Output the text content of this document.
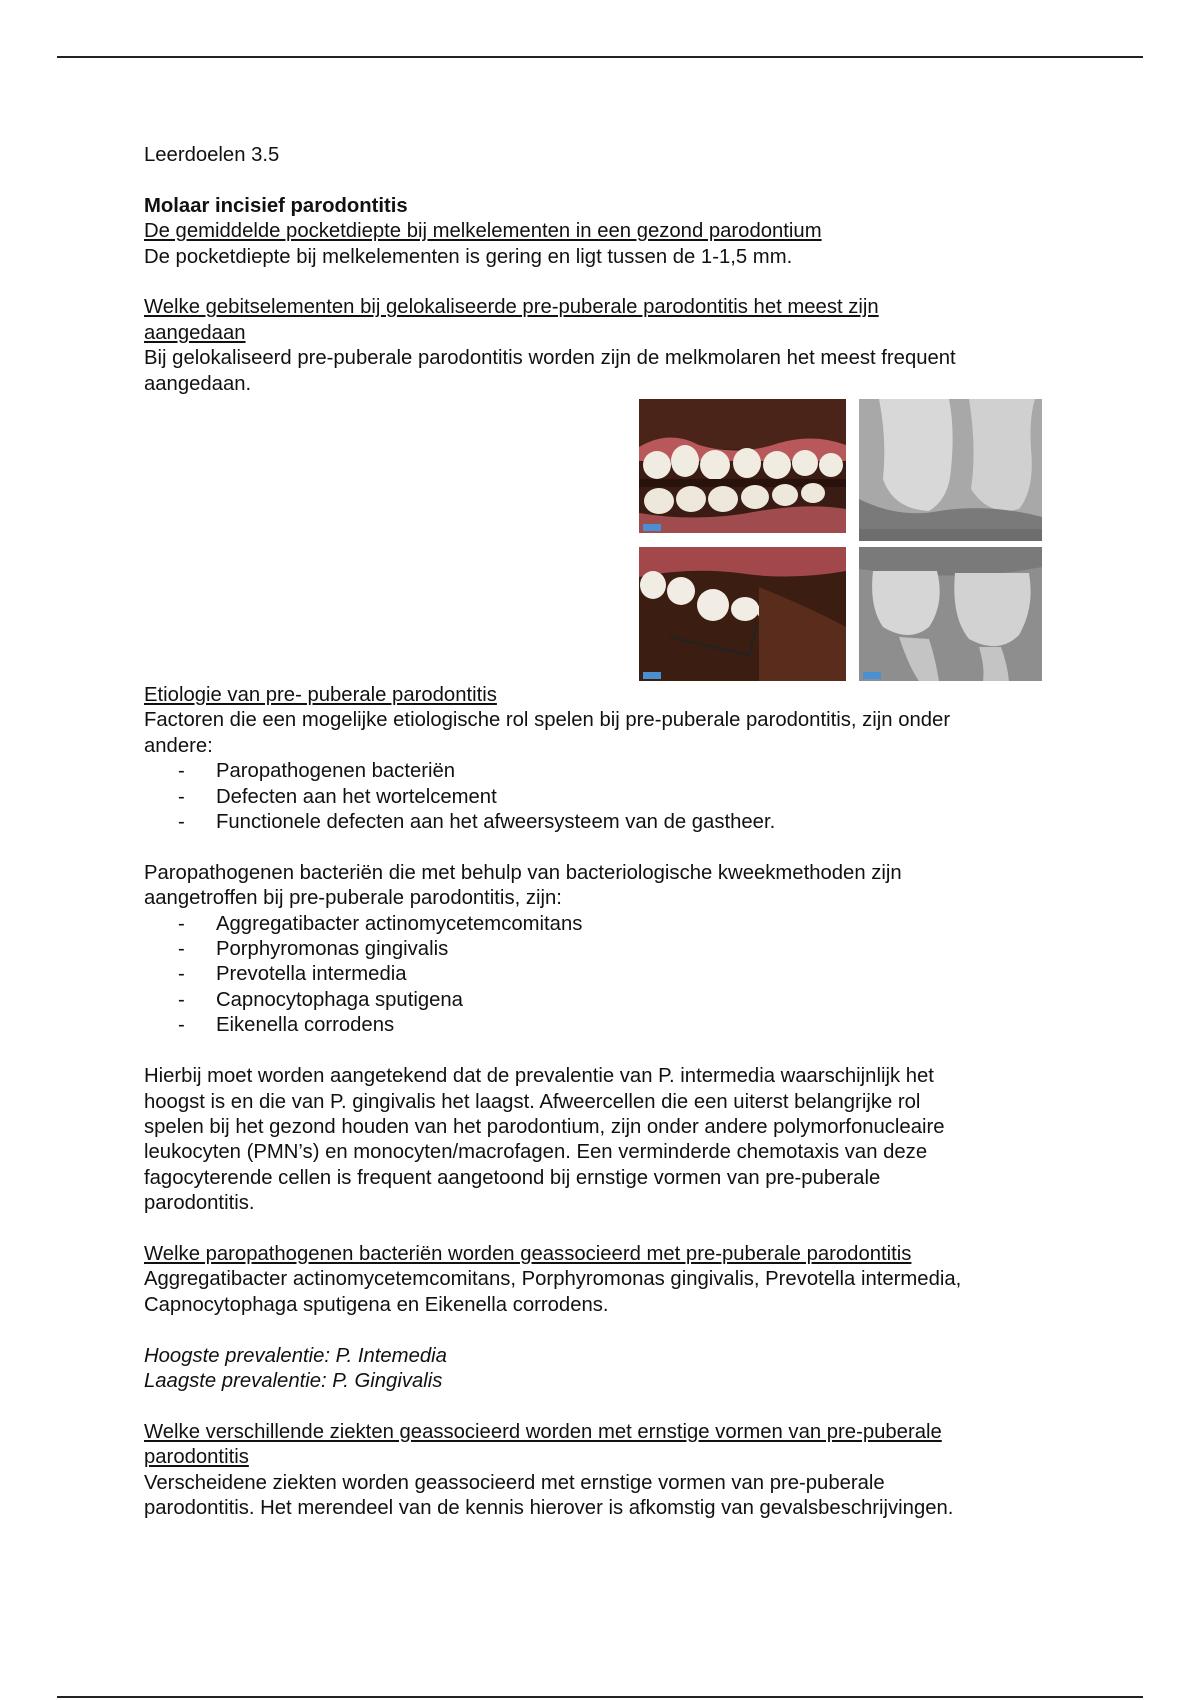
Leerdoelen 3.5

Molaar incisief parodontitis

De gemiddelde pocketdiepte bij melkelementen in een gezond parodontium

De pocketdiepte bij melkelementen is gering en ligt tussen de 1-1,5 mm.

Welke gebitselementen bij gelokaliseerde pre-puberale parodontitis het meest zijn

aangedaan

Bij gelokaliseerd pre-puberale parodontitis worden zijn de melkmolaren het meest frequent

aangedaan.

Etiologie van pre- puberale parodontitis

Factoren die een mogelijke etiologische rol spelen bij pre-puberale parodontitis, zijn onder

andere:

- Paropathogenen bacteriën
- Defecten aan het wortelcement
- Functionele defecten aan het afweersysteem van de gastheer.

Paropathogenen bacteriën die met behulp van bacteriologische kweekmethoden zijn

aangetroffen bij pre-puberale parodontitis, zijn:

- Aggregatibacter actinomycetemcomitans
- Porphyromonas gingivalis
- Prevotella intermedia
- Capnocytophaga sputigena
- Eikenella corrodens

Hierbij moet worden aangetekend dat de prevalentie van P. intermedia waarschijnlijk het

hoogst is en die van P. gingivalis het laagst. Afweercellen die een uiterst belangrijke rol

spelen bij het gezond houden van het parodontium, zijn onder andere polymorfonucleaire

leukocyten (PMN’s) en monocyten/macrofagen. Een verminderde chemotaxis van deze

fagocyterende cellen is frequent aangetoond bij ernstige vormen van pre-puberale

parodontitis.

Welke paropathogenen bacteriën worden geassocieerd met pre-puberale parodontitis

Aggregatibacter actinomycetemcomitans, Porphyromonas gingivalis, Prevotella intermedia,

Capnocytophaga sputigena en Eikenella corrodens.

Hoogste prevalentie: P. Intemedia

Laagste prevalentie: P. Gingivalis

Welke verschillende ziekten geassocieerd worden met ernstige vormen van pre-puberale

parodontitis

Verscheidene ziekten worden geassocieerd met ernstige vormen van pre-puberale

parodontitis. Het merendeel van de kennis hierover is afkomstig van gevalsbeschrijvingen.
